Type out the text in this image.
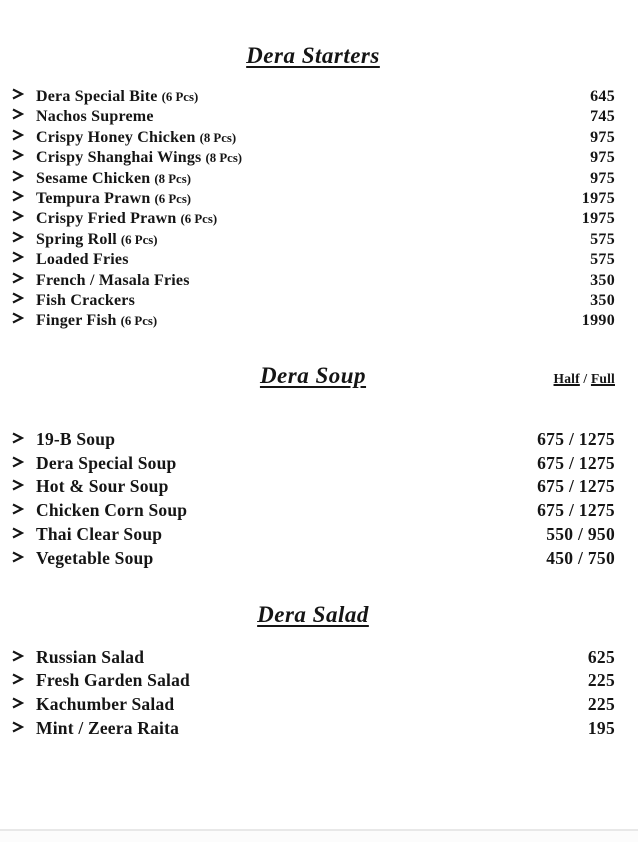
Dera Starters
Dera Special Bite (6 Pcs)	645
Nachos Supreme	745
Crispy Honey Chicken (8 Pcs)	975
Crispy Shanghai Wings (8 Pcs)	975
Sesame Chicken (8 Pcs)	975
Tempura Prawn (6 Pcs)	1975
Crispy Fried Prawn (6 Pcs)	1975
Spring Roll (6 Pcs)	575
Loaded Fries	575
French / Masala Fries	350
Fish Crackers	350
Finger Fish (6 Pcs)	1990
Dera Soup	Half / Full
19-B Soup	675 / 1275
Dera Special Soup	675 / 1275
Hot & Sour Soup	675 / 1275
Chicken Corn Soup	675 / 1275
Thai Clear Soup	550 / 950
Vegetable Soup	450 / 750
Dera Salad
Russian Salad	625
Fresh Garden Salad	225
Kachumber Salad	225
Mint / Zeera Raita	195
